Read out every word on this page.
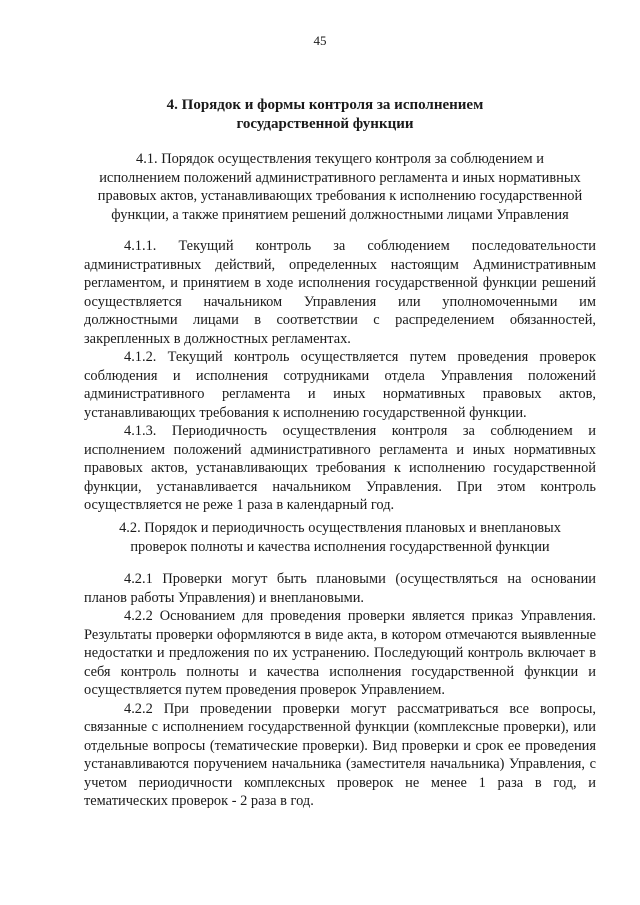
45
4. Порядок и формы контроля за исполнением
государственной функции
4.1. Порядок осуществления текущего контроля за соблюдением и
исполнением положений административного регламента и иных нормативных
правовых актов, устанавливающих требования к исполнению государственной
функции, а также принятием решений должностными лицами Управления

4.1.1. Текущий контроль за соблюдением последовательности административных действий, определенных настоящим Административным регламентом, и принятием в ходе исполнения государственной функции решений осуществляется начальником Управления или уполномоченными им должностными лицами в соответствии с распределением обязанностей, закрепленных в должностных регламентах.

4.1.2. Текущий контроль осуществляется путем проведения проверок соблюдения и исполнения сотрудниками отдела Управления положений административного регламента и иных нормативных правовых актов, устанавливающих требования к исполнению государственной функции.

4.1.3. Периодичность осуществления контроля за соблюдением и исполнением положений административного регламента и иных нормативных правовых актов, устанавливающих требования к исполнению государственной функции, устанавливается начальником Управления. При этом контроль осуществляется не реже 1 раза в календарный год.

4.2. Порядок и периодичность осуществления плановых и внеплановых
проверок полноты и качества исполнения государственной функции

4.2.1 Проверки могут быть плановыми (осуществляться на основании планов работы Управления) и внеплановыми.

4.2.2 Основанием для проведения проверки является приказ Управления. Результаты проверки оформляются в виде акта, в котором отмечаются выявленные недостатки и предложения по их устранению. Последующий контроль включает в себя контроль полноты и качества исполнения государственной функции и осуществляется путем проведения проверок Управлением.

4.2.2 При проведении проверки могут рассматриваться все вопросы, связанные с исполнением государственной функции (комплексные проверки), или отдельные вопросы (тематические проверки). Вид проверки и срок ее проведения устанавливаются поручением начальника (заместителя начальника) Управления, с учетом периодичности комплексных проверок не менее 1 раза в год, и тематических проверок - 2 раза в год.
